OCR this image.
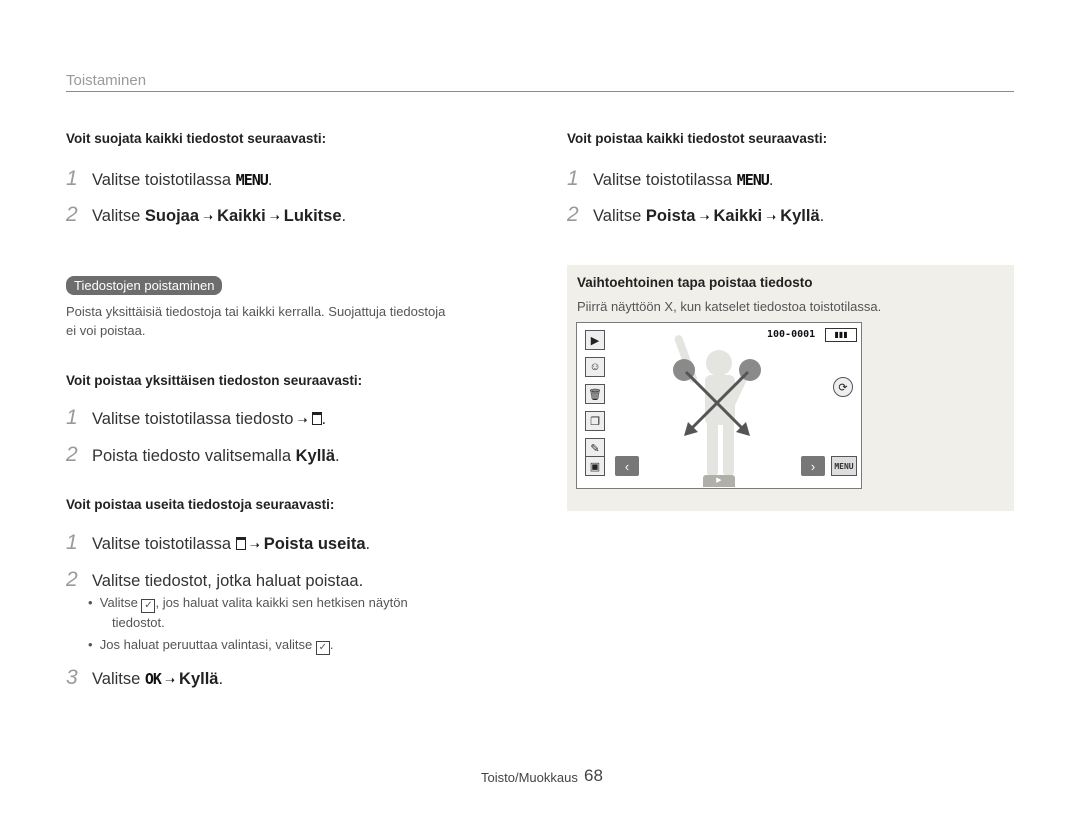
Toistaminen
Voit suojata kaikki tiedostot seuraavasti:
1 Valitse toistotilassa MENU.
2 Valitse Suojaa ➝ Kaikki ➝ Lukitse.
Tiedostojen poistaminen
Poista yksittäisiä tiedostoja tai kaikki kerralla. Suojattuja tiedostoja
ei voi poistaa.
Voit poistaa yksittäisen tiedoston seuraavasti:
1 Valitse toistotilassa tiedosto ➝ .
2 Poista tiedosto valitsemalla Kyllä.
Voit poistaa useita tiedostoja seuraavasti:
1 Valitse toistotilassa ➝ Poista useita.
2 Valitse tiedostot, jotka haluat poistaa.
•  Valitse ✓ , jos haluat valita kaikki sen hetkisen näytön
tiedostot.
•  Jos haluat peruuttaa valintasi, valitse ✓ .
3 Valitse OK ➝ Kyllä.
Voit poistaa kaikki tiedostot seuraavasti:
1 Valitse toistotilassa MENU.
2 Valitse Poista ➝ Kaikki ➝ Kyllä.
Vaihtoehtoinen tapa poistaa tiedosto
Piirrä näyttöön X, kun katselet tiedostoa toistotilassa.
▶
☺
🗑
❐
✎
▣
100-0001	▮▮▮
⟳
‹	›	MENU
▶
Toisto/Muokkaus 68
